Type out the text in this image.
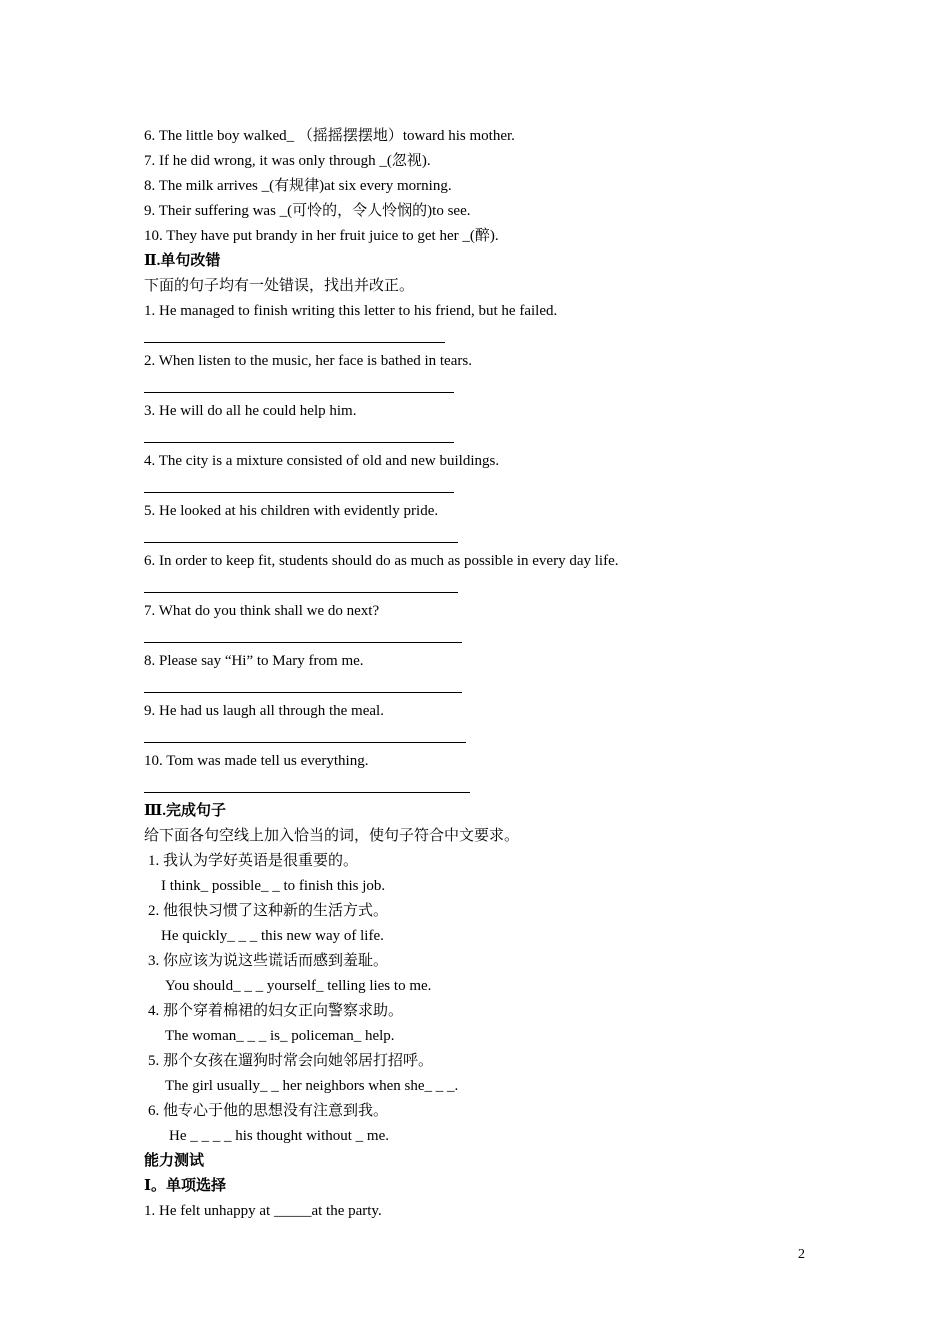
6. The little boy walked_ （摇摇摆摆地）toward his mother.
7. If he did wrong, it was only through _(忽视).
8. The milk arrives _(有规律)at six every morning.
9. Their suffering was _(可怜的，令人怜悯的)to see.
10. They have put brandy in her fruit juice to get her _(醉).
Ⅱ.单句改错
下面的句子均有一处错误，找出并改正。
1. He managed to finish writing this letter to his friend, but he failed.
2. When listen to the music, her face is bathed in tears.
3. He will do all he could help him.
4. The city is a mixture consisted of old and new buildings.
5. He looked at his children with evidently pride.
6. In order to keep fit, students should do as much as possible in every day life.
7. What do you think shall we do next?
8. Please say “Hi” to Mary from me.
9. He had us laugh all through the meal.
10. Tom was made tell us everything.
Ⅲ.完成句子
给下面各句空线上加入恰当的词，使句子符合中文要求。
1. 我认为学好英语是很重要的。
I think_ possible_ _ to finish this job.
2. 他很快习惯了这种新的生活方式。
He quickly_ _ _ this new way of life.
3. 你应该为说这些谎话而感到羞耻。
You should_ _ _ yourself_ telling lies to me.
4. 那个穿着棉裙的妇女正向警察求助。
The woman_ _ _ is_ policeman_ help.
5. 那个女孩在遛狗时常会向她邻居打招呼。
The girl usually_ _ her neighbors when she_ _ _.
6. 他专心于他的思想没有注意到我。
He _ _ _ _ his thought without _ me.
能力测试
Ⅰ。单项选择
1. He felt unhappy at _____at the party.
2
